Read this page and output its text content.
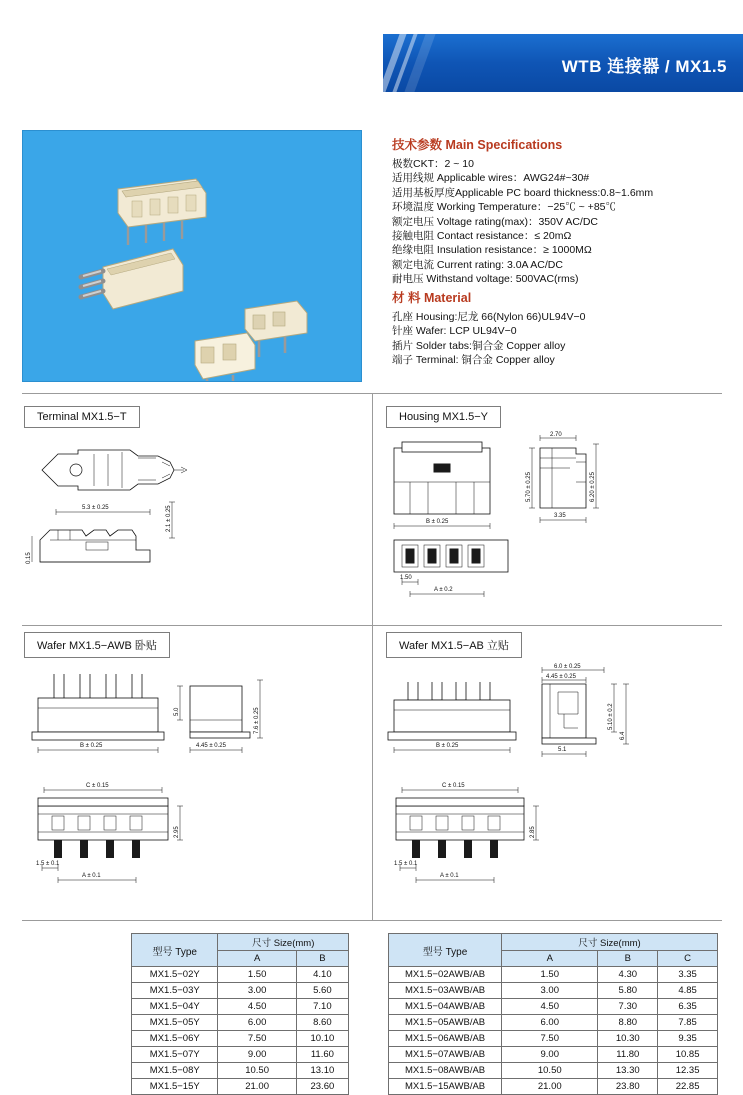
WTB 连接器 / MX1.5
技术参数 Main Specifications
极数CKT：2 ~ 10
适用线规 Applicable wires：AWG24#~30#
适用基板厚度Applicable PC board thickness:0.8~1.6mm
环境温度 Working Temperature：−25℃ ~ +85℃
额定电压 Voltage rating(max)：350V AC/DC
接触电阻 Contact resistance：≤ 20mΩ
绝缘电阻 Insulation resistance：≥ 1000MΩ
额定电流 Current rating: 3.0A AC/DC
耐电压 Withstand voltage: 500VAC(rms)
材 料 Material
孔座 Housing:尼龙 66(Nylon 66)UL94V−0
针座 Wafer: LCP UL94V−0
插片 Solder tabs:铜合金 Copper alloy
端子 Terminal: 铜合金 Copper alloy
Terminal MX1.5−T	Housing MX1.5−Y
Wafer MX1.5−AWB 卧贴	Wafer MX1.5−AB 立贴
5.3 ± 0.25	2.1 ± 0.25
0.15
B ± 0.25
2.70
5.70 ± 0.25	6.20 ± 0.25
3.35
1.50
A ± 0.2
B ± 0.25
5.0	7.6 ± 0.25
4.45 ± 0.25
C ± 0.15
2.95
1.5 ± 0.1
A ± 0.1
B ± 0.25
6.0 ± 0.25
4.45 ± 0.25
5.10 ± 0.2
6.4
5.1
C ± 0.15
2.85
1.5 ± 0.1
A ± 0.1
型号 Type	尺寸 Size(mm)	
	A	B
MX1.5−02Y	1.50	4.10
MX1.5−03Y	3.00	5.60
MX1.5−04Y	4.50	7.10
MX1.5−05Y	6.00	8.60
MX1.5−06Y	7.50	10.10
MX1.5−07Y	9.00	11.60
MX1.5−08Y	10.50	13.10
MX1.5−15Y	21.00	23.60
型号 Type	尺寸 Size(mm)		
	A	B	C
MX1.5−02AWB/AB	1.50	4.30	3.35
MX1.5−03AWB/AB	3.00	5.80	4.85
MX1.5−04AWB/AB	4.50	7.30	6.35
MX1.5−05AWB/AB	6.00	8.80	7.85
MX1.5−06AWB/AB	7.50	10.30	9.35
MX1.5−07AWB/AB	9.00	11.80	10.85
MX1.5−08AWB/AB	10.50	13.30	12.35
MX1.5−15AWB/AB	21.00	23.80	22.85
